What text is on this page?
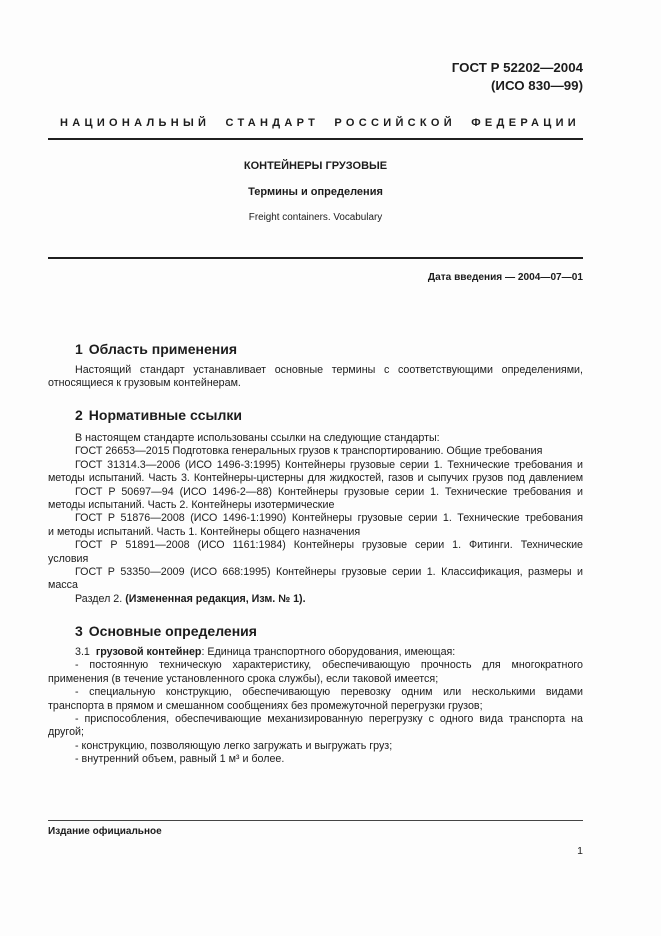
ГОСТ Р 52202—2004
(ИСО 830—99)
НАЦИОНАЛЬНЫЙ СТАНДАРТ РОССИЙСКОЙ ФЕДЕРАЦИИ
КОНТЕЙНЕРЫ ГРУЗОВЫЕ
Термины и определения
Freight containers. Vocabulary
Дата введения — 2004—07—01
1 Область применения
Настоящий стандарт устанавливает основные термины с соответствующими определениями,
относящиеся к грузовым контейнерам.
2 Нормативные ссылки
В настоящем стандарте использованы ссылки на следующие стандарты:
ГОСТ 26653—2015 Подготовка генеральных грузов к транспортированию. Общие требования
ГОСТ 31314.3—2006 (ИСО 1496-3:1995) Контейнеры грузовые серии 1. Технические требования и
методы испытаний. Часть 3. Контейнеры-цистерны для жидкостей, газов и сыпучих грузов под давлением
ГОСТ Р 50697—94 (ИСО 1496-2—88) Контейнеры грузовые серии 1. Технические требования и
методы испытаний. Часть 2. Контейнеры изотермические
ГОСТ Р 51876—2008 (ИСО 1496-1:1990) Контейнеры грузовые серии 1. Технические требования
и методы испытаний. Часть 1. Контейнеры общего назначения
ГОСТ Р 51891—2008 (ИСО 1161:1984) Контейнеры грузовые серии 1. Фитинги. Технические
условия
ГОСТ Р 53350—2009 (ИСО 668:1995) Контейнеры грузовые серии 1. Классификация, размеры и
масса
Раздел 2. (Измененная редакция, Изм. № 1).
3 Основные определения
3.1 грузовой контейнер: Единица транспортного оборудования, имеющая:
- постоянную техническую характеристику, обеспечивающую прочность для многократного
применения (в течение установленного срока службы), если таковой имеется;
- специальную конструкцию, обеспечивающую перевозку одним или несколькими видами
транспорта в прямом и смешанном сообщениях без промежуточной перегрузки грузов;
- приспособления, обеспечивающие механизированную перегрузку с одного вида транспорта на
другой;
- конструкцию, позволяющую легко загружать и выгружать груз;
- внутренний объем, равный 1 м³ и более.
Издание официальное
1
